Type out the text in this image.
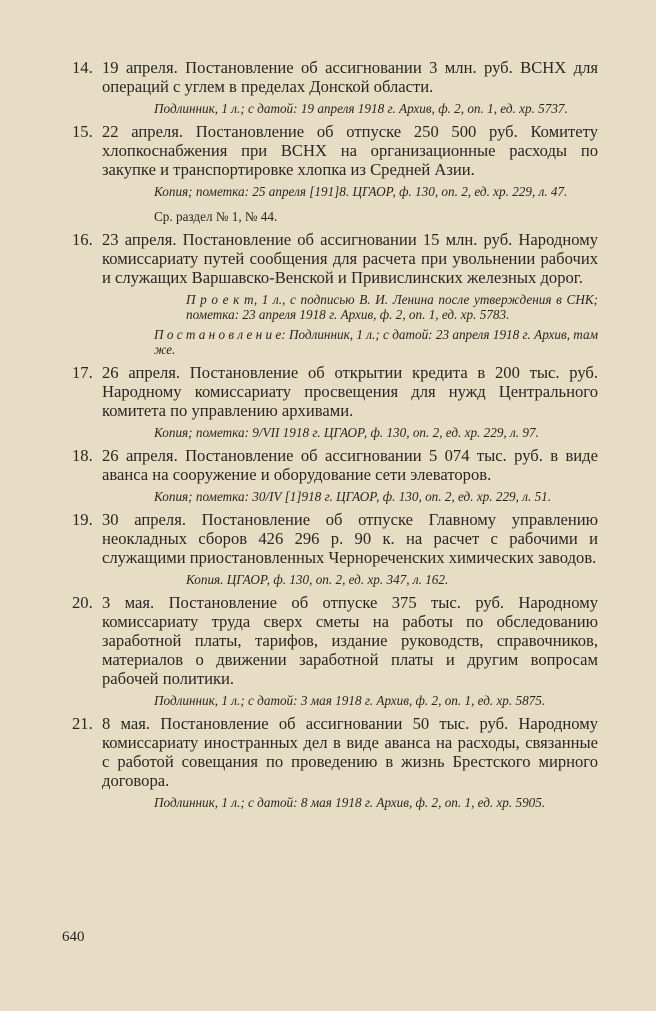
14. 19 апреля. Постановление об ассигновании 3 млн. руб. ВСНХ для операций с углем в пределах Донской области.
Подлинник, 1 л.; с датой: 19 апреля 1918 г. Архив, ф. 2, оп. 1, ед. хр. 5737.
15. 22 апреля. Постановление об отпуске 250 500 руб. Комитету хлопкоснабжения при ВСНХ на организационные расходы по закупке и транспортировке хлопка из Средней Азии.
Копия; пометка: 25 апреля [191]8. ЦГАОР, ф. 130, оп. 2, ед. хр. 229, л. 47.
Ср. раздел № 1, № 44.
16. 23 апреля. Постановление об ассигновании 15 млн. руб. Народному комиссариату путей сообщения для расчета при увольнении рабочих и служащих Варшавско-Венской и Привислинских железных дорог.
П р о е к т, 1 л., с подписью В. И. Ленина после утверждения в СНК; пометка: 23 апреля 1918 г. Архив, ф. 2, оп. 1, ед. хр. 5783.
П о с т а н о в л е н и е: Подлинник, 1 л.; с датой: 23 апреля 1918 г. Архив, там же.
17. 26 апреля. Постановление об открытии кредита в 200 тыс. руб. Народному комиссариату просвещения для нужд Центрального комитета по управлению архивами.
Копия; пометка: 9/VII 1918 г. ЦГАОР, ф. 130, оп. 2, ед. хр. 229, л. 97.
18. 26 апреля. Постановление об ассигновании 5 074 тыс. руб. в виде аванса на сооружение и оборудование сети элеваторов.
Копия; пометка: 30/IV [1]918 г. ЦГАОР, ф. 130, оп. 2, ед. хр. 229, л. 51.
19. 30 апреля. Постановление об отпуске Главному управлению неокладных сборов 426 296 р. 90 к. на расчет с рабочими и служащими приостановленных Чернореченских химических заводов.
Копия. ЦГАОР, ф. 130, оп. 2, ед. хр. 347, л. 162.
20. 3 мая. Постановление об отпуске 375 тыс. руб. Народному комиссариату труда сверх сметы на работы по обследованию заработной платы, тарифов, издание руководств, справочников, материалов о движении заработной платы и другим вопросам рабочей политики.
Подлинник, 1 л.; с датой: 3 мая 1918 г. Архив, ф. 2, оп. 1, ед. хр. 5875.
21. 8 мая. Постановление об ассигновании 50 тыс. руб. Народному комиссариату иностранных дел в виде аванса на расходы, связанные с работой совещания по проведению в жизнь Брестского мирного договора.
Подлинник, 1 л.; с датой: 8 мая 1918 г. Архив, ф. 2, оп. 1, ед. хр. 5905.
640
